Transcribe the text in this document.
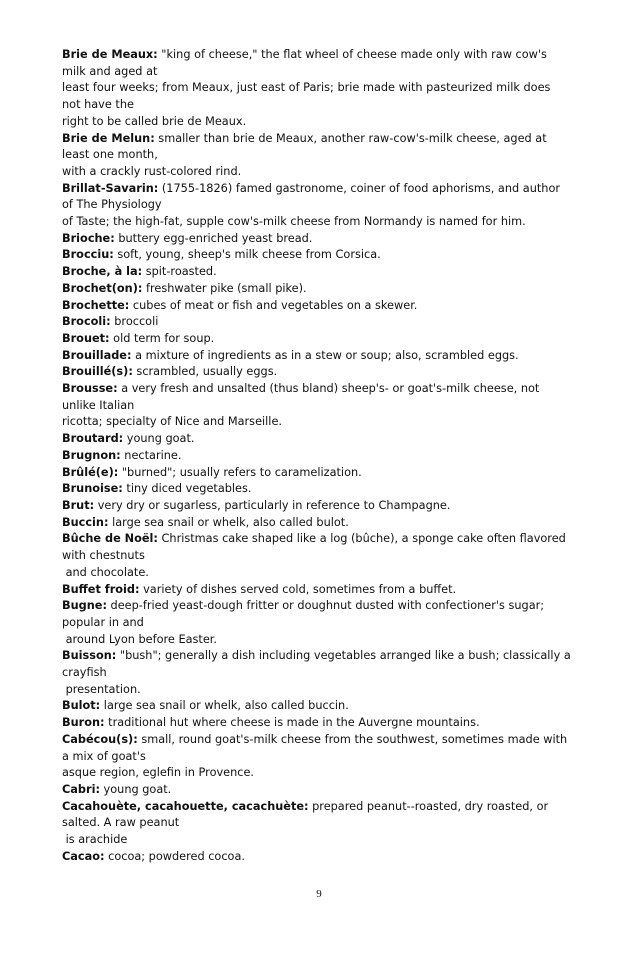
Brie de Meaux: "king of cheese," the flat wheel of cheese made only with raw cow's milk and aged at
least four weeks; from Meaux, just east of Paris; brie made with pasteurized milk does not have the
right to be called brie de Meaux.
Brie de Melun: smaller than brie de Meaux, another raw-cow's-milk cheese, aged at least one month,
with a crackly rust-colored rind.
Brillat-Savarin: (1755-1826) famed gastronome, coiner of food aphorisms, and author of The Physiology
of Taste; the high-fat, supple cow's-milk cheese from Normandy is named for him.
Brioche: buttery egg-enriched yeast bread.
Brocciu: soft, young, sheep's milk cheese from Corsica.
Broche, à la: spit-roasted.
Brochet(on): freshwater pike (small pike).
Brochette: cubes of meat or fish and vegetables on a skewer.
Brocoli: broccoli
Brouet: old term for soup.
Brouillade: a mixture of ingredients as in a stew or soup; also, scrambled eggs.
Brouillé(s): scrambled, usually eggs.
Brousse: a very fresh and unsalted (thus bland) sheep's- or goat's-milk cheese, not unlike Italian
ricotta; specialty of Nice and Marseille.
Broutard: young goat.
Brugnon: nectarine.
Brûlé(e): "burned"; usually refers to caramelization.
Brunoise: tiny diced vegetables.
Brut: very dry or sugarless, particularly in reference to Champagne.
Buccin: large sea snail or whelk, also called bulot.
Bûche de Noël: Christmas cake shaped like a log (bûche), a sponge cake often flavored with chestnuts
and chocolate.
Buffet froid: variety of dishes served cold, sometimes from a buffet.
Bugne: deep-fried yeast-dough fritter or doughnut dusted with confectioner's sugar; popular in and
around Lyon before Easter.
Buisson: "bush"; generally a dish including vegetables arranged like a bush; classically a crayfish
presentation.
Bulot: large sea snail or whelk, also called buccin.
Buron: traditional hut where cheese is made in the Auvergne mountains.
Cabécou(s): small, round goat's-milk cheese from the southwest, sometimes made with a mix of goat's
asque region, eglefin in Provence.
Cabri: young goat.
Cacahouète, cacahouette, cacachuète: prepared peanut--roasted, dry roasted, or salted. A raw peanut
is arachide
Cacao: cocoa; powdered cocoa.
9
